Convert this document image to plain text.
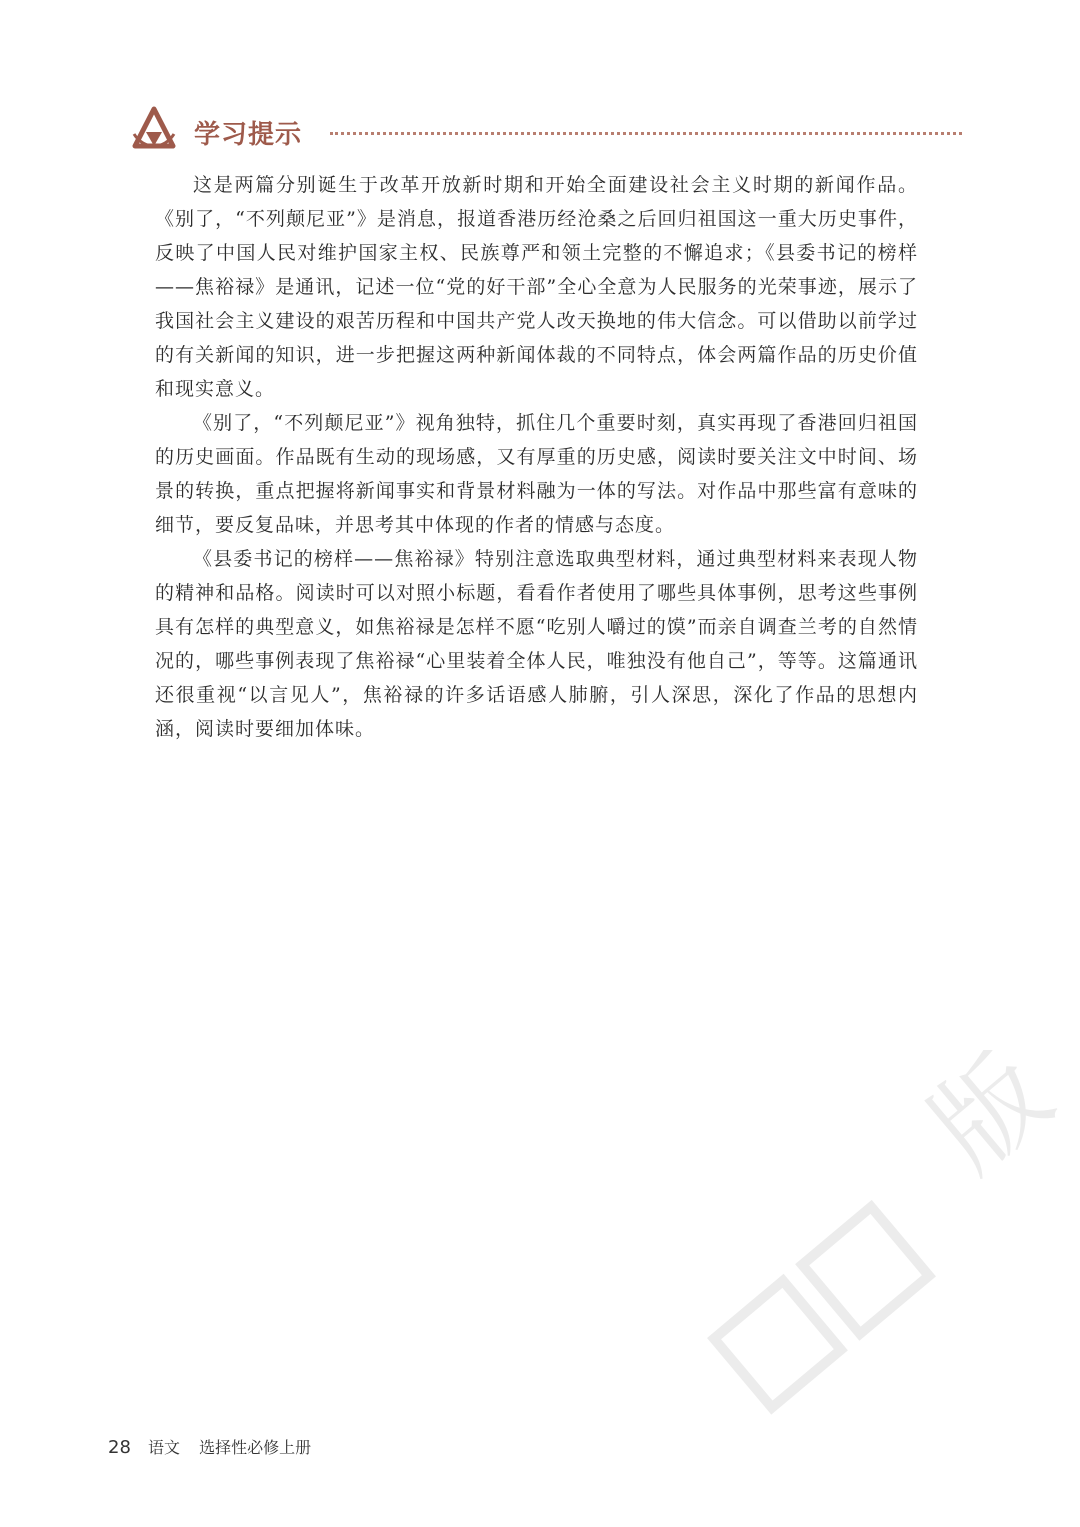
学习提示

这是两篇分别诞生于改革开放新时期和开始全面建设社会主义时期的新闻作品。《别了，“不列颠尼亚”》是消息，报道香港历经沧桑之后回归祖国这一重大历史事件，反映了中国人民对维护国家主权、民族尊严和领土完整的不懈追求；《县委书记的榜样——焦裕禄》是通讯，记述一位“党的好干部”全心全意为人民服务的光荣事迹，展示了我国社会主义建设的艰苦历程和中国共产党人改天换地的伟大信念。可以借助以前学过的有关新闻的知识，进一步把握这两种新闻体裁的不同特点，体会两篇作品的历史价值和现实意义。

《别了，“不列颠尼亚”》视角独特，抓住几个重要时刻，真实再现了香港回归祖国的历史画面。作品既有生动的现场感，又有厚重的历史感，阅读时要关注文中时间、场景的转换，重点把握将新闻事实和背景材料融为一体的写法。对作品中那些富有意味的细节，要反复品味，并思考其中体现的作者的情感与态度。

《县委书记的榜样——焦裕禄》特别注意选取典型材料，通过典型材料来表现人物的精神和品格。阅读时可以对照小标题，看看作者使用了哪些具体事例，思考这些事例具有怎样的典型意义，如焦裕禄是怎样不愿“吃别人嚼过的馍”而亲自调查兰考的自然情况的，哪些事例表现了焦裕禄“心里装着全体人民，唯独没有他自己”，等等。这篇通讯还很重视“以言见人”，焦裕禄的许多话语感人肺腑，引人深思，深化了作品的思想内涵，阅读时要细加体味。

版
28 语文 选择性必修上册
